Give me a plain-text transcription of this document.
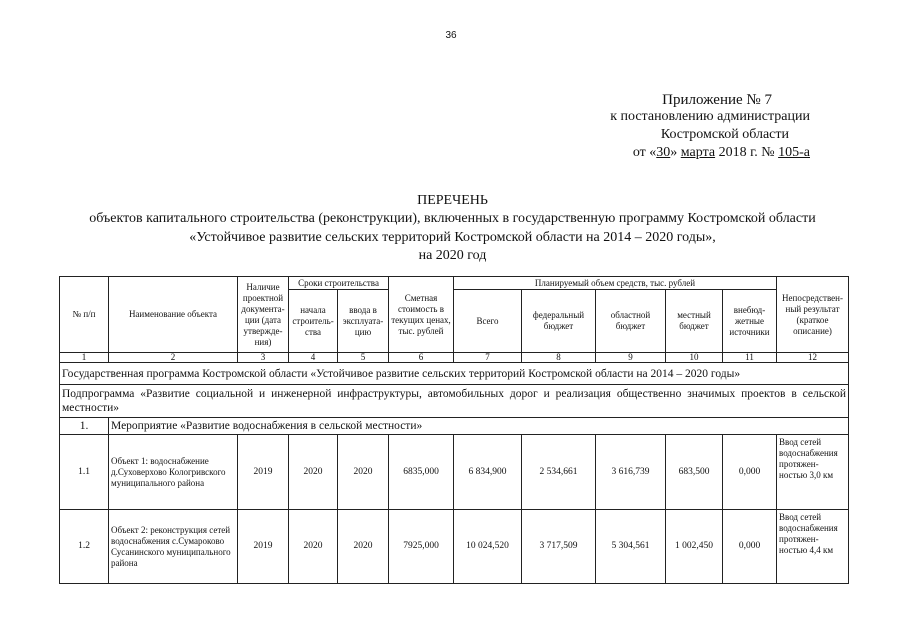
36
Приложение № 7
к постановлению администрации
Костромской области
от «30» марта 2018 г. № 105-а
ПЕРЕЧЕНЬ
объектов капитального строительства (реконструкции), включенных в государственную программу Костромской области
«Устойчивое развитие сельских территорий Костромской области на 2014 – 2020 годы»,
на 2020 год
№ п/п	Наименование объекта	Наличие проектной документа-ции (дата утвержде-ния)	Сроки строительства		Сметная стоимость в текущих ценах, тыс. рублей	Планируемый объем средств, тыс. рублей					Непосредствен-ный результат (краткое описание)
			начала строитель-ства	ввода в эксплуата-цию		Всего	федеральный бюджет	областной бюджет	местный бюджет	внебюд-жетные источники	
1	2	3	4	5	6	7	8	9	10	11	12
Государственная программа Костромской области «Устойчивое развитие сельских территорий Костромской области на 2014 – 2020 годы»											
Подпрограмма «Развитие социальной и инженерной инфраструктуры, автомобильных дорог и реализация общественно значимых проектов в сельской местности»											
1.	Мероприятие «Развитие водоснабжения в сельской местности»										
1.1	Объект 1: водоснабжение д.Суховерхово Кологривского муниципального района	2019	2020	2020	6835,000	6 834,900	2 534,661	3 616,739	683,500	0,000	Ввод сетей водоснабжения протяжен-ностью 3,0 км
1.2	Объект 2: реконструкция сетей водоснабжения с.Сумароково Сусанинского муниципального района	2019	2020	2020	7925,000	10 024,520	3 717,509	5 304,561	1 002,450	0,000	Ввод сетей водоснабжения протяжен-ностью 4,4 км
